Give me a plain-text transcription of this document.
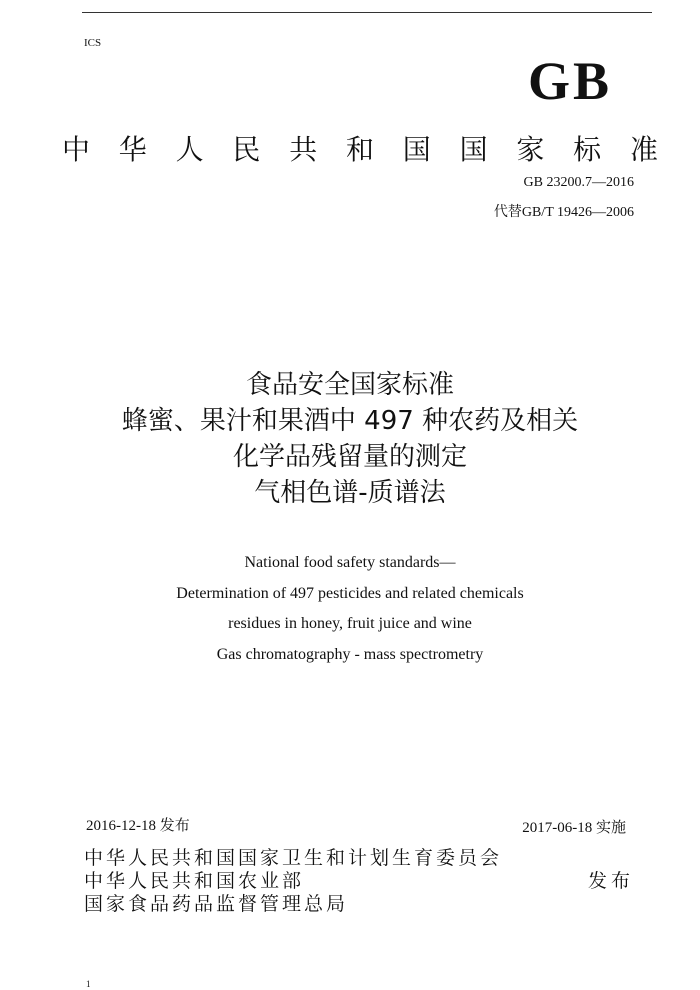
ICS
GB
中 华 人 民 共 和 国 国 家 标 准
GB 23200.7—2016
代替GB/T 19426—2006
食品安全国家标准
蜂蜜、果汁和果酒中 497 种农药及相关
化学品残留量的测定
气相色谱-质谱法
National food safety standards—
Determination of 497 pesticides and related chemicals
residues in honey, fruit juice and wine
Gas chromatography - mass spectrometry
2016-12-18 发布	2017-06-18 实施
中华人民共和国国家卫生和计划生育委员会
中华人民共和国农业部
国家食品药品监督管理总局
发布
1
